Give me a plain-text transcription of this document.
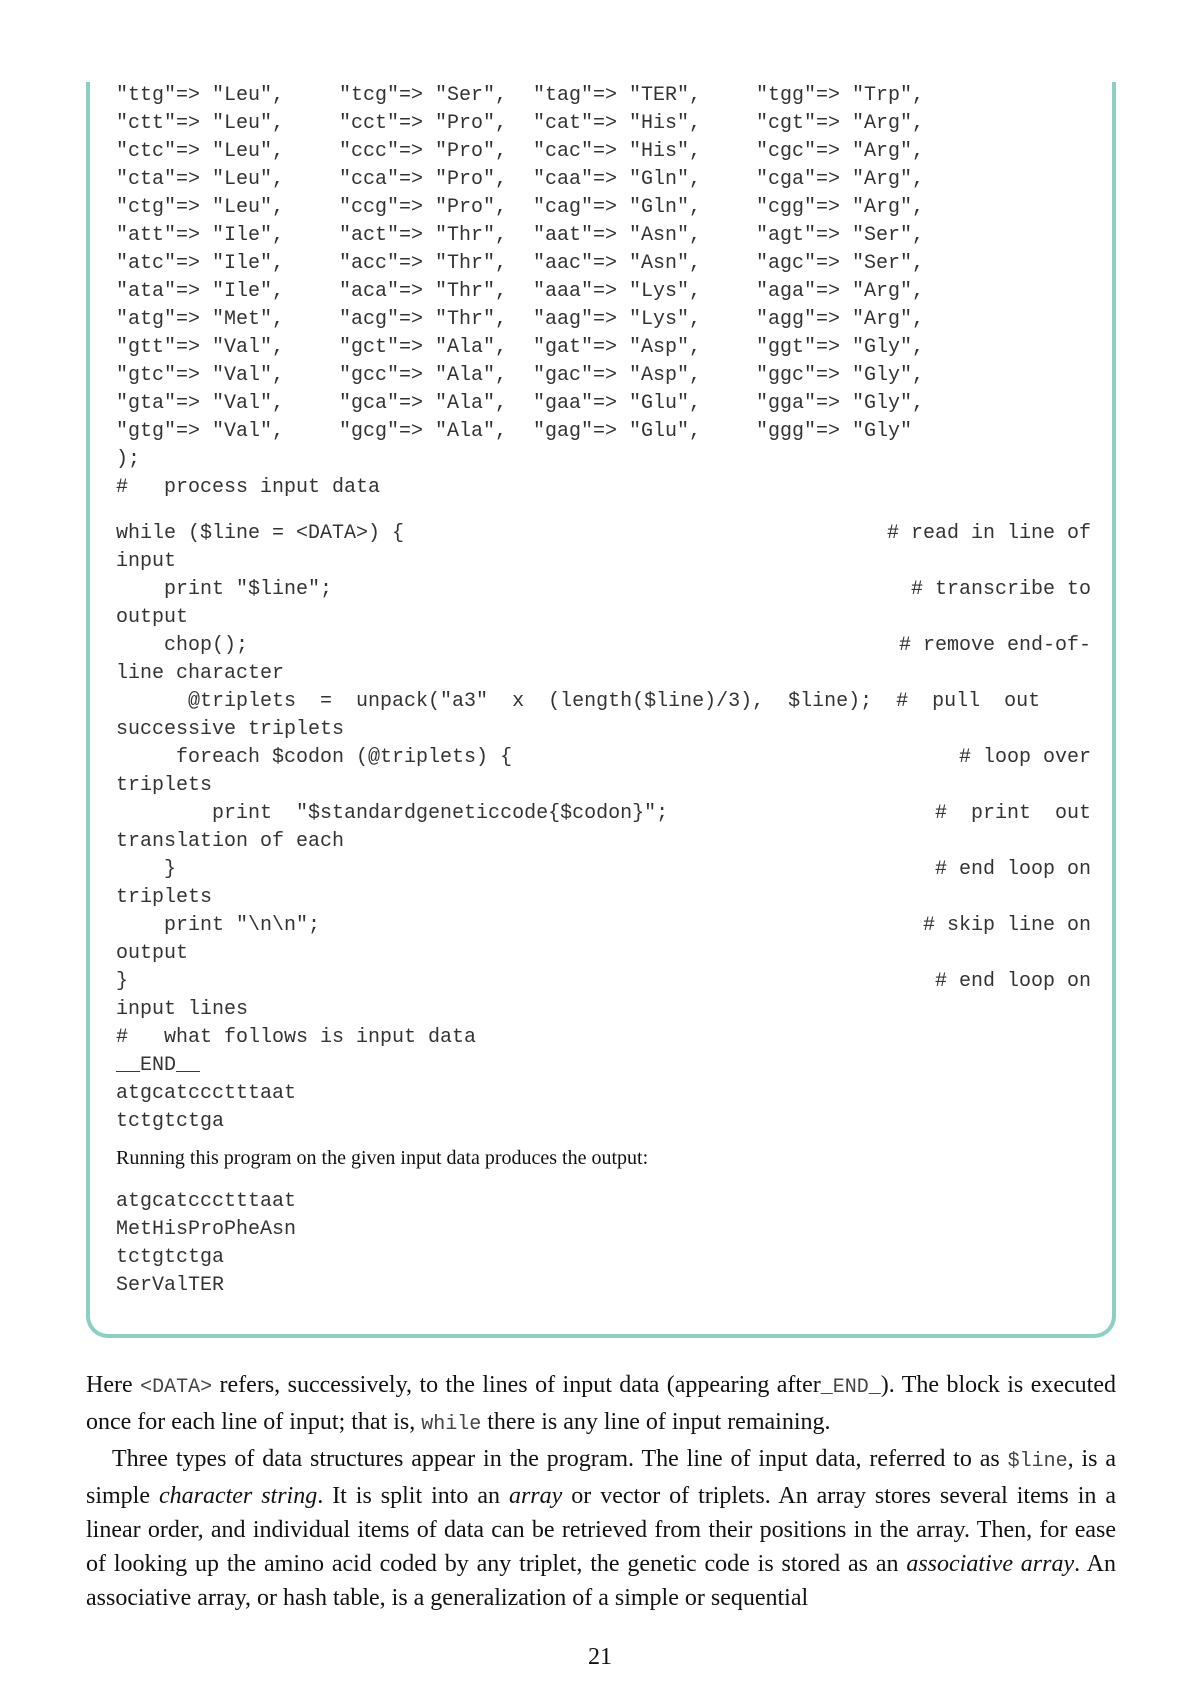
"ttg"=> "Leu",	"tcg"=> "Ser", "tag"=> "TER",	"tgg"=> "Trp",
"ctt"=> "Leu",	"cct"=> "Pro", "cat"=> "His",	"cgt"=> "Arg",
"ctc"=> "Leu",	"ccc"=> "Pro", "cac"=> "His",	"cgc"=> "Arg",
"cta"=> "Leu",	"cca"=> "Pro", "caa"=> "Gln",	"cga"=> "Arg",
"ctg"=> "Leu",	"ccg"=> "Pro", "cag"=> "Gln",	"cgg"=> "Arg",
"att"=> "Ile",	"act"=> "Thr", "aat"=> "Asn",	"agt"=> "Ser",
"atc"=> "Ile",	"acc"=> "Thr", "aac"=> "Asn",	"agc"=> "Ser",
"ata"=> "Ile",	"aca"=> "Thr", "aaa"=> "Lys",	"aga"=> "Arg",
"atg"=> "Met",	"acg"=> "Thr", "aag"=> "Lys",	"agg"=> "Arg",
"gtt"=> "Val",	"gct"=> "Ala", "gat"=> "Asp",	"ggt"=> "Gly",
"gtc"=> "Val",	"gcc"=> "Ala", "gac"=> "Asp",	"ggc"=> "Gly",
"gta"=> "Val",	"gca"=> "Ala", "gaa"=> "Glu",	"gga"=> "Gly",
"gtg"=> "Val",	"gcg"=> "Ala", "gag"=> "Glu",	"ggg"=> "Gly"
);
#   process input data
while ($line = <DATA>) {	# read in line of
input
print "$line";	# transcribe to
output
chop();	# remove end-of-
line character
@triplets  =  unpack("a3"  x  (length($line)/3),  $line);  #  pull  out
successive triplets
foreach $codon (@triplets) {	# loop over
triplets
print  "$standardgeneticcode{$codon}";	#  print  out
translation of each
}	# end loop on
triplets
print "\n\n";	# skip line on
output
}	# end loop on
input lines
#   what follows is input data
__END__
atgcatccctttaat
tctgtctga
Running this program on the given input data produces the output:
atgcatccctttaat
MetHisProPheAsn
tctgtctga
SerValTER

Here <DATA> refers, successively, to the lines of input data (appearing after_END_). The block is executed once for each line of input; that is, while there is any line of input remaining.

Three types of data structures appear in the program. The line of input data, referred to as $line, is a simple character string. It is split into an array or vector of triplets. An array stores several items in a linear order, and individual items of data can be retrieved from their positions in the array. Then, for ease of looking up the amino acid coded by any triplet, the genetic code is stored as an associative array. An associative array, or hash table, is a generalization of a simple or sequential

21
